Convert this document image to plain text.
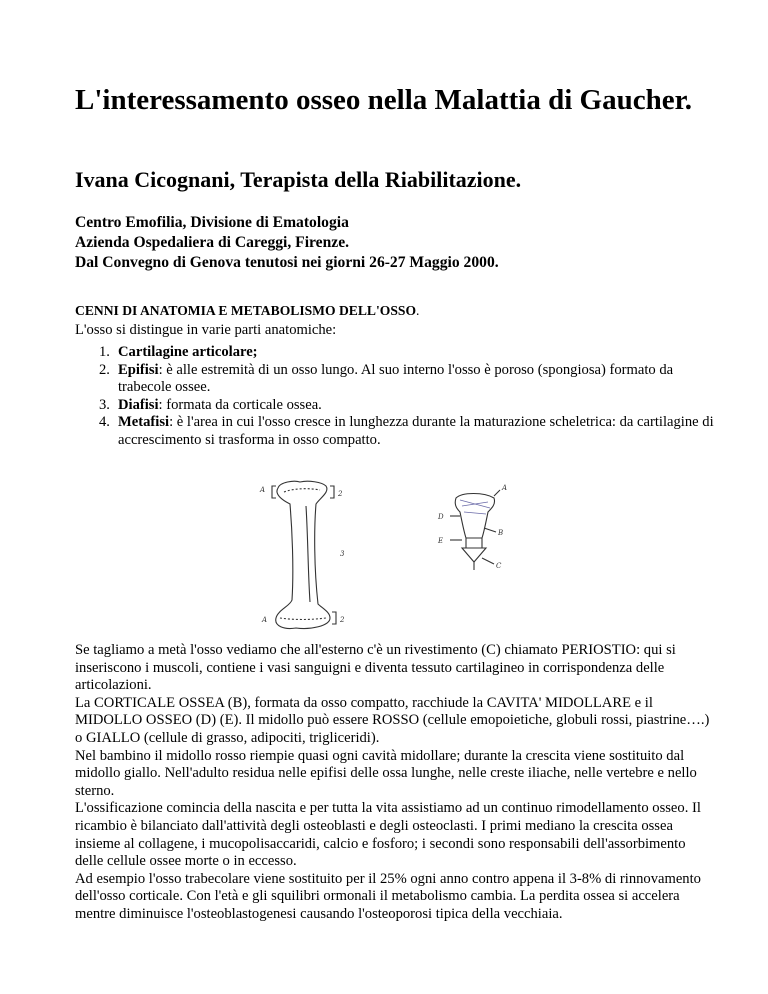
L'interessamento osseo nella Malattia di Gaucher.
Ivana Cicognani, Terapista della Riabilitazione.
Centro Emofilia, Divisione di Ematologia
Azienda Ospedaliera di Careggi, Firenze.
Dal Convegno di Genova tenutosi nei giorni 26-27 Maggio 2000.
CENNI DI ANATOMIA E METABOLISMO DELL'OSSO.

L'osso si distingue in varie parti anatomiche:

1. Cartilagine articolare;
2. Epifisi: è alle estremità di un osso lungo. Al suo interno l'osso è poroso (spongiosa) formato da trabecole ossee.
3. Diafisi: formata da corticale ossea.
4. Metafisi: è l'area in cui l'osso cresce in lunghezza durante la maturazione scheletrica: da cartilagine di accrescimento si trasforma in osso compatto.
A	2
3
A	2
A
D
B
E
C

Se tagliamo a metà l'osso vediamo che all'esterno c'è un rivestimento (C) chiamato PERIOSTIO: qui si inseriscono i muscoli, contiene i vasi sanguigni e diventa tessuto cartilagineo in corrispondenza delle articolazioni.

La CORTICALE OSSEA (B), formata da osso compatto, racchiude la CAVITA' MIDOLLARE e il MIDOLLO OSSEO (D) (E). Il midollo può essere ROSSO (cellule emopoietiche, globuli rossi, piastrine….) o GIALLO (cellule di grasso, adipociti, trigliceridi).

Nel bambino il midollo rosso riempie quasi ogni cavità midollare; durante la crescita viene sostituito dal midollo giallo. Nell'adulto residua nelle epifisi delle ossa lunghe, nelle creste iliache, nelle vertebre e nello sterno.

L'ossificazione comincia della nascita e per tutta la vita assistiamo ad un continuo rimodellamento osseo. Il ricambio è bilanciato dall'attività degli osteoblasti e degli osteoclasti. I primi mediano la crescita ossea insieme al collagene, i mucopolisaccaridi, calcio e fosforo; i secondi sono responsabili dell'assorbimento delle cellule ossee morte o in eccesso.

Ad esempio l'osso trabecolare viene sostituito per il 25% ogni anno contro appena il 3-8% di rinnovamento dell'osso corticale. Con l'età e gli squilibri ormonali il metabolismo cambia. La perdita ossea si accelera mentre diminuisce l'osteoblastogenesi causando l'osteoporosi tipica della vecchiaia.
